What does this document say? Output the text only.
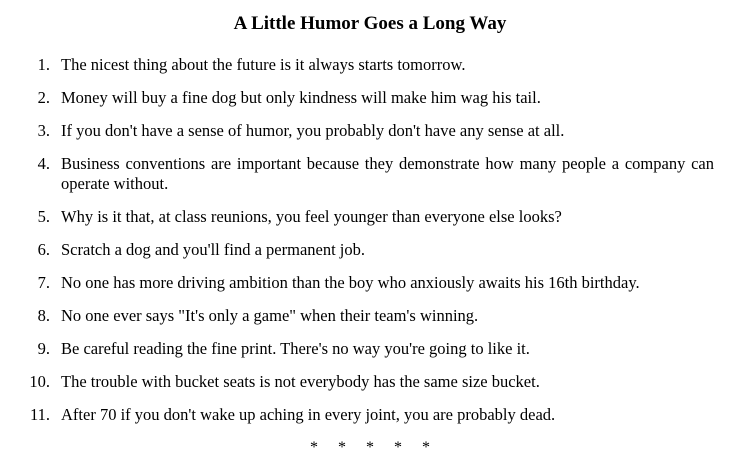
A Little Humor Goes a Long Way
1. The nicest thing about the future is it always starts tomorrow.
2. Money will buy a fine dog but only kindness will make him wag his tail.
3. If you don't have a sense of humor, you probably don't have any sense at all.
4. Business conventions are important because they demonstrate how many people a company can operate without.
5. Why is it that, at class reunions, you feel younger than everyone else looks?
6. Scratch a dog and you'll find a permanent job.
7. No one has more driving ambition than the boy who anxiously awaits his 16th birthday.
8. No one ever says "It's only a game" when their team's winning.
9. Be careful reading the fine print. There's no way you're going to like it.
10. The trouble with bucket seats is not everybody has the same size bucket.
11. After 70 if you don't wake up aching in every joint, you are probably dead.
*     *     *     *     *
